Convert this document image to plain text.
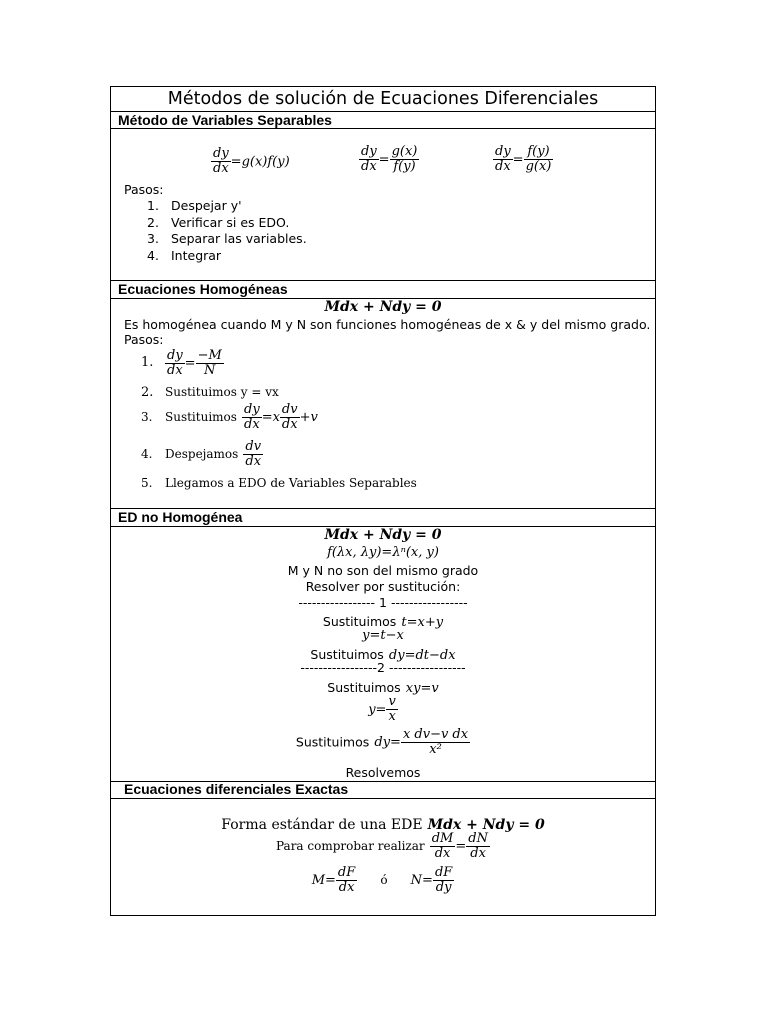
Métodos de solución de Ecuaciones Diferenciales
Método de Variables Separables
$\frac{dy}{dx} =g(x)f(y)$	$\frac{dy}{dx} = \frac{g(x)}{f(y)}$	$\frac{dy}{dx} = \frac{f(y)}{g(x)}$
Pasos:
1. Despejar y'
2. Verificar si es EDO.
3. Separar las variables.
4. Integrar
Ecuaciones Homogéneas
Mdx + Ndy = 0
Es homogénea cuando M y N son funciones homogéneas de x & y del mismo grado.
Pasos:
1. $\frac{dy}{dx} = \frac{-M}{N}$
2. Sustituimos y = vx
3. Sustituimos $\frac{dy}{dx} =x \frac{dv}{dx} +v$
4. Despejamos $\frac{dv}{dx}$
5. Llegamos a EDO de Variables Separables
ED no Homogénea
Mdx + Ndy = 0
f(λx, λy)=λⁿ(x, y)
M y N no son del mismo grado
Resolver por sustitución:
----------------- 1 -----------------
Sustituimos t=x+y
y=t−x
Sustituimos dy=dt−dx
-----------------2 -----------------
Sustituimos xy=v
$y= \frac{v}{x}$
Sustituimos $dy= \frac{\text{x dv−v dx}}{\text{x²}}$
Resolvemos
Ecuaciones diferenciales Exactas
Forma estándar de una EDE Mdx + Ndy = 0
Para comprobar realizar $\frac{dM}{dx} = \frac{dN}{dx}$
$M= \frac{dF}{dx}$ ó $N= \frac{dF}{dy}$
